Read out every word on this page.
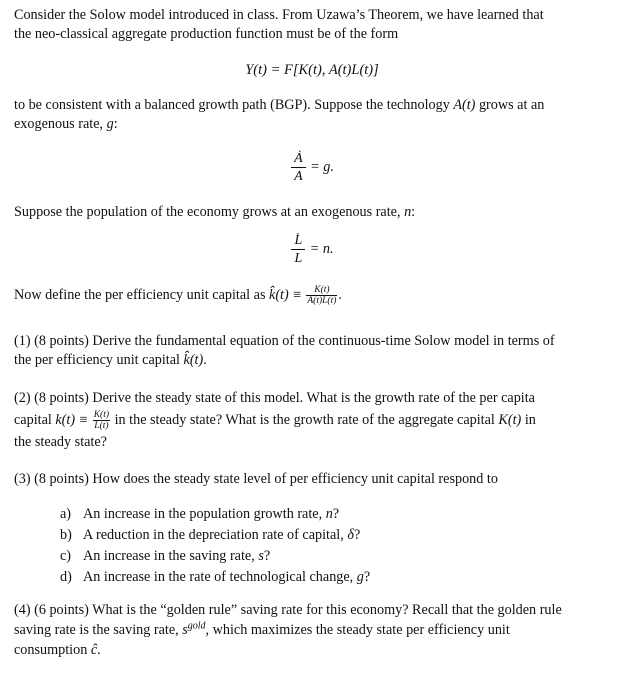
Consider the Solow model introduced in class. From Uzawa’s Theorem, we have learned that
the neo-classical aggregate production function must be of the form

Y(t) = F[K(t), A(t)L(t)]

to be consistent with a balanced growth path (BGP). Suppose the technology A(t) grows at an
exogenous rate, g:

$\frac{Ȧ}{A} = g$.

Suppose the population of the economy grows at an exogenous rate, n:

$\frac{L̇}{L} = n$.

Now define the per efficiency unit capital as k̂(t) ≡ $\frac{K(t)}{A(t)L(t)}$ .

(1) (8 points) Derive the fundamental equation of the continuous-time Solow model in terms of
the per efficiency unit capital k̂(t).

(2) (8 points) Derive the steady state of this model. What is the growth rate of the per capita
capital $k(t) \equiv \frac{K(t)}{L(t)}$ in the steady state? What is the growth rate of the aggregate capital K(t) in
the steady state?

(3) (8 points) How does the steady state level of per efficiency unit capital respond to

a) An increase in the population growth rate, n?
b) A reduction in the depreciation rate of capital, δ?
c) An increase in the saving rate, s?
d) An increase in the rate of technological change, g?

(4) (6 points) What is the “golden rule” saving rate for this economy? Recall that the golden rule
saving rate is the saving rate, $s^{gold}$, which maximizes the steady state per efficiency unit
consumption ĉ.
